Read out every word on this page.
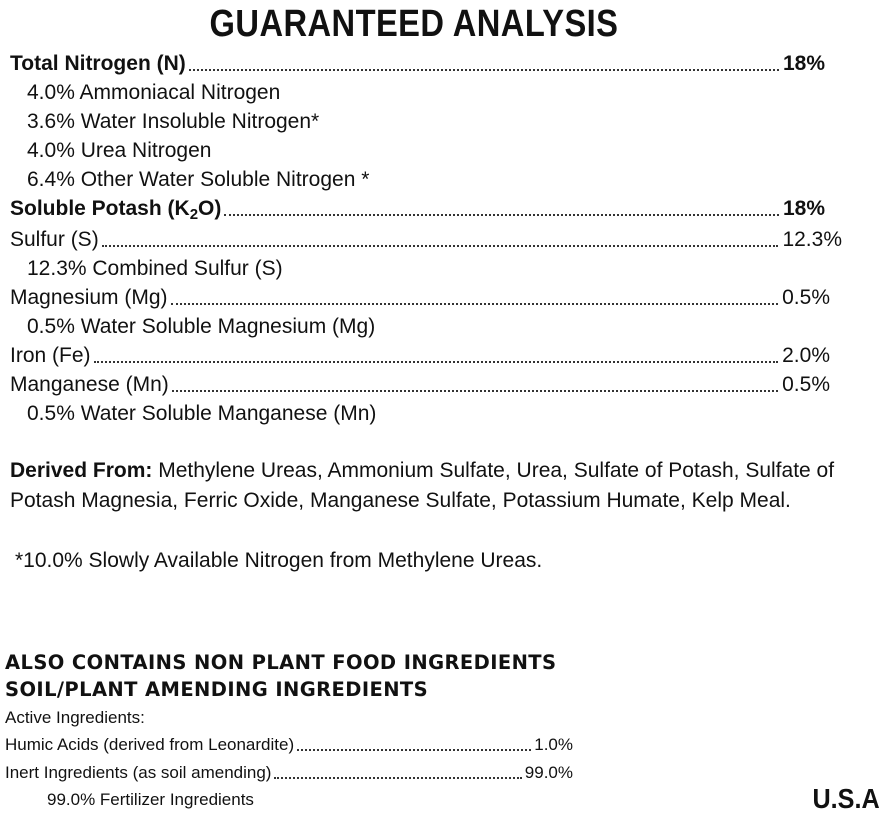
GUARANTEED ANALYSIS
Total Nitrogen (N)	18%
4.0% Ammoniacal Nitrogen
3.6% Water Insoluble Nitrogen*
4.0% Urea Nitrogen
6.4% Other Water Soluble Nitrogen *
Soluble Potash $(K_2O)$	18%
Sulfur (S)	12.3%
12.3% Combined Sulfur (S)
Magnesium (Mg)	0.5%
0.5% Water Soluble Magnesium (Mg)
Iron (Fe)	2.0%
Manganese (Mn)	0.5%
0.5% Water Soluble Manganese (Mn)
Derived From: Methylene Ureas, Ammonium Sulfate, Urea, Sulfate of Potash, Sulfate of Potash Magnesia, Ferric Oxide, Manganese Sulfate, Potassium Humate, Kelp Meal.
*10.0% Slowly Available Nitrogen from Methylene Ureas.
ALSO CONTAINS NON PLANT FOOD INGREDIENTS
SOIL/PLANT AMENDING INGREDIENTS
Active Ingredients:
Humic Acids (derived from Leonardite)	1.0%
Inert Ingredients (as soil amending)	99.0%
99.0% Fertilizer Ingredients	U.S.A
